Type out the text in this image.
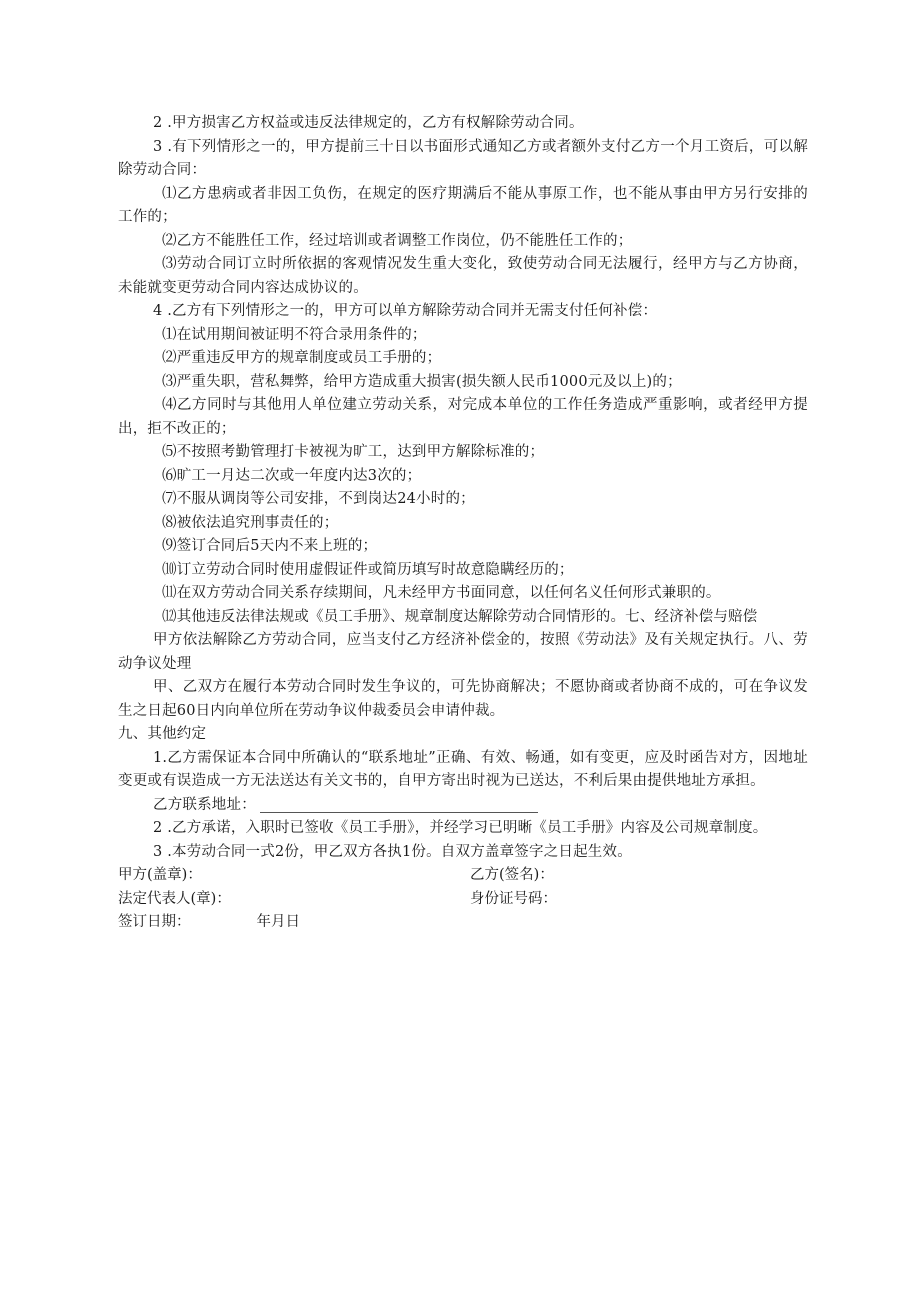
2 .甲方损害乙方权益或违反法律规定的，乙方有权解除劳动合同。

3 .有下列情形之一的，甲方提前三十日以书面形式通知乙方或者额外支付乙方一个月工资后，可以解除劳动合同：

⑴乙方患病或者非因工负伤，在规定的医疗期满后不能从事原工作，也不能从事由甲方另行安排的工作的；

⑵乙方不能胜任工作，经过培训或者调整工作岗位，仍不能胜任工作的；

⑶劳动合同订立时所依据的客观情况发生重大变化，致使劳动合同无法履行，经甲方与乙方协商，未能就变更劳动合同内容达成协议的。

4 .乙方有下列情形之一的，甲方可以单方解除劳动合同并无需支付任何补偿：

⑴在试用期间被证明不符合录用条件的；

⑵严重违反甲方的规章制度或员工手册的；

⑶严重失职，营私舞弊，给甲方造成重大损害(损失额人民币1000元及以上)的；

⑷乙方同时与其他用人单位建立劳动关系，对完成本单位的工作任务造成严重影响，或者经甲方提出，拒不改正的；

⑸不按照考勤管理打卡被视为旷工，达到甲方解除标准的；

⑹旷工一月达二次或一年度内达3次的；

⑺不服从调岗等公司安排，不到岗达24小时的；

⑻被依法追究刑事责任的；

⑼签订合同后5天内不来上班的；

⑽订立劳动合同时使用虚假证件或简历填写时故意隐瞒经历的；

⑾在双方劳动合同关系存续期间，凡未经甲方书面同意，以任何名义任何形式兼职的。

⑿其他违反法律法规或《员工手册》、规章制度达解除劳动合同情形的。七、经济补偿与赔偿

甲方依法解除乙方劳动合同，应当支付乙方经济补偿金的，按照《劳动法》及有关规定执行。八、劳动争议处理

甲、乙双方在履行本劳动合同时发生争议的，可先协商解决；不愿协商或者协商不成的，可在争议发生之日起60日内向单位所在劳动争议仲裁委员会申请仲裁。

九、其他约定

1.乙方需保证本合同中所确认的“联系地址”正确、有效、畅通，如有变更，应及时函告对方，因地址变更或有误造成一方无法送达有关文书的，自甲方寄出时视为已送达，不利后果由提供地址方承担。

乙方联系地址：

2 .乙方承诺，入职时已签收《员工手册》，并经学习已明晰《员工手册》内容及公司规章制度。

3 .本劳动合同一式2份，甲乙双方各执1份。自双方盖章签字之日起生效。

甲方(盖章)：	乙方(签名)：
法定代表人(章)：	身份证号码：
签订日期：	年月日
